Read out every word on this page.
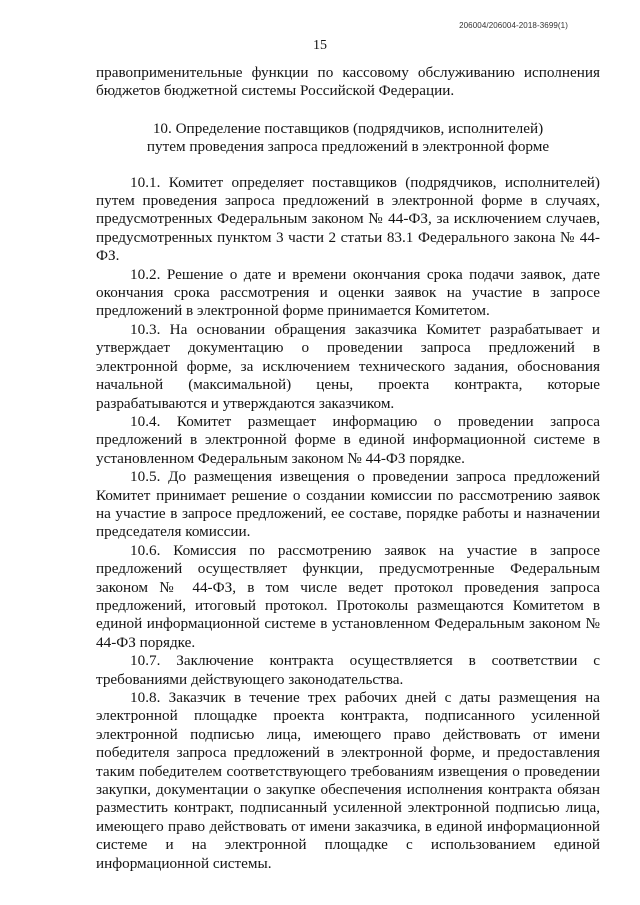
206004/206004-2018-3699(1)
15

правоприменительные функции по кассовому обслуживанию исполнения бюджетов бюджетной системы Российской Федерации.

10. Определение поставщиков (подрядчиков, исполнителей)
путем проведения запроса предложений в электронной форме

10.1. Комитет определяет поставщиков (подрядчиков, исполнителей) путем проведения запроса предложений в электронной форме в случаях, предусмотренных Федеральным законом № 44-ФЗ, за исключением случаев, предусмотренных пунктом 3 части 2 статьи 83.1 Федерального закона № 44-ФЗ.

10.2. Решение о дате и времени окончания срока подачи заявок, дате окончания срока рассмотрения и оценки заявок на участие в запросе предложений в электронной форме принимается Комитетом.

10.3. На основании обращения заказчика Комитет разрабатывает и утверждает документацию о проведении запроса предложений в электронной форме, за исключением технического задания, обоснования начальной (максимальной) цены, проекта контракта, которые разрабатываются и утверждаются заказчиком.

10.4. Комитет размещает информацию о проведении запроса предложений в электронной форме в единой информационной системе в установленном Федеральным законом № 44-ФЗ порядке.

10.5. До размещения извещения о проведении запроса предложений Комитет принимает решение о создании комиссии по рассмотрению заявок на участие в запросе предложений, ее составе, порядке работы и назначении председателя комиссии.

10.6. Комиссия по рассмотрению заявок на участие в запросе предложений осуществляет функции, предусмотренные Федеральным законом № 44-ФЗ, в том числе ведет протокол проведения запроса предложений, итоговый протокол. Протоколы размещаются Комитетом в единой информационной системе в установленном Федеральным законом № 44-ФЗ порядке.

10.7. Заключение контракта осуществляется в соответствии с требованиями действующего законодательства.

10.8. Заказчик в течение трех рабочих дней с даты размещения на электронной площадке проекта контракта, подписанного усиленной электронной подписью лица, имеющего право действовать от имени победителя запроса предложений в электронной форме, и предоставления таким победителем соответствующего требованиям извещения о проведении закупки, документации о закупке обеспечения исполнения контракта обязан разместить контракт, подписанный усиленной электронной подписью лица, имеющего право действовать от имени заказчика, в единой информационной системе и на электронной площадке с использованием единой информационной системы.
